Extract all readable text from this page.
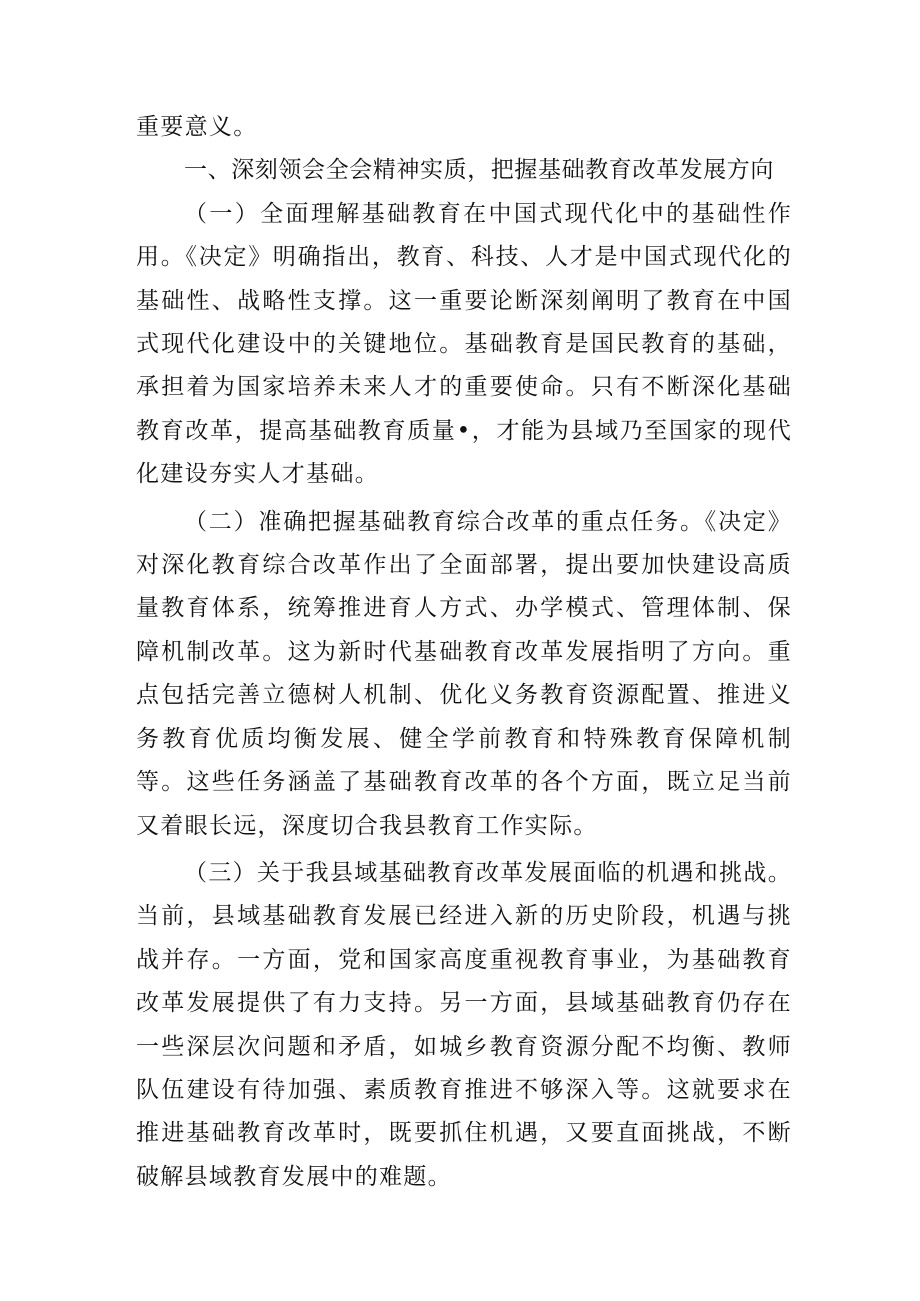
重要意义。

一、深刻领会全会精神实质，把握基础教育改革发展方向

（一）全面理解基础教育在中国式现代化中的基础性作用。《决定》明确指出，教育、科技、人才是中国式现代化的基础性、战略性支撑。这一重要论断深刻阐明了教育在中国式现代化建设中的关键地位。基础教育是国民教育的基础，承担着为国家培养未来人才的重要使命。只有不断深化基础教育改革，提高基础教育质量•，才能为县域乃至国家的现代化建设夯实人才基础。

（二）准确把握基础教育综合改革的重点任务。《决定》对深化教育综合改革作出了全面部署，提出要加快建设高质量教育体系，统筹推进育人方式、办学模式、管理体制、保障机制改革。这为新时代基础教育改革发展指明了方向。重点包括完善立德树人机制、优化义务教育资源配置、推进义务教育优质均衡发展、健全学前教育和特殊教育保障机制等。这些任务涵盖了基础教育改革的各个方面，既立足当前又着眼长远，深度切合我县教育工作实际。

（三）关于我县域基础教育改革发展面临的机遇和挑战。当前，县域基础教育发展已经进入新的历史阶段，机遇与挑战并存。一方面，党和国家高度重视教育事业，为基础教育改革发展提供了有力支持。另一方面，县域基础教育仍存在一些深层次问题和矛盾，如城乡教育资源分配不均衡、教师队伍建设有待加强、素质教育推进不够深入等。这就要求在推进基础教育改革时，既要抓住机遇，又要直面挑战，不断破解县域教育发展中的难题。
